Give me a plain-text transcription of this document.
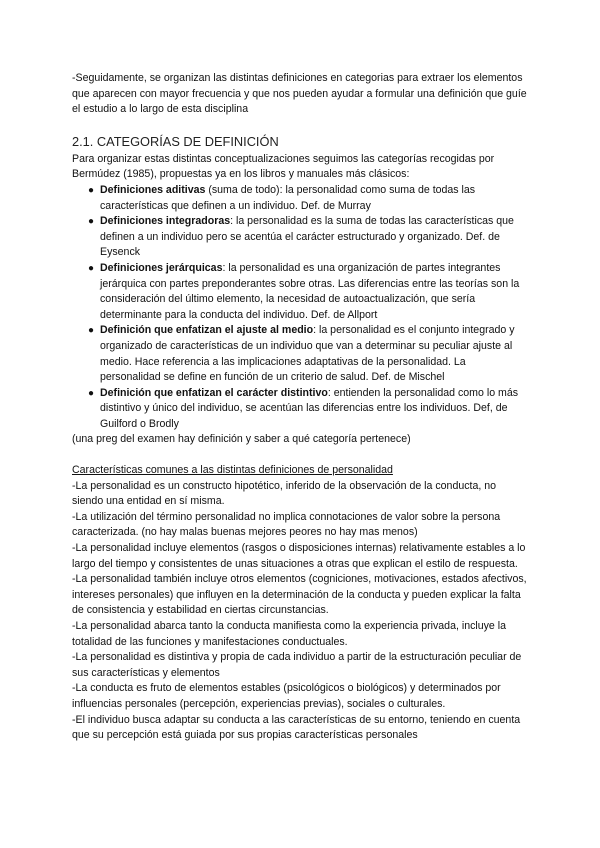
-Seguidamente, se organizan las distintas definiciones en categorias para extraer los elementos que aparecen con mayor frecuencia y que nos pueden ayudar a formular una definición que guíe el estudio a lo largo de esta disciplina

2.1. CATEGORÍAS DE DEFINICIÓN

Para organizar estas distintas conceptualizaciones seguimos las categorías recogidas por Bermúdez (1985), propuestas ya en los libros y manuales más clásicos:

● Definiciones aditivas (suma de todo): la personalidad como suma de todas las características que definen a un individuo. Def. de Murray
● Definiciones integradoras: la personalidad es la suma de todas las características que definen a un individuo pero se acentúa el carácter estructurado y organizado. Def. de Eysenck
● Definiciones jerárquicas: la personalidad es una organización de partes integrantes jerárquica con partes preponderantes sobre otras. Las diferencias entre las teorías son la consideración del último elemento, la necesidad de autoactualización, que sería determinante para la conducta del individuo. Def. de Allport
● Definición que enfatizan el ajuste al medio: la personalidad es el conjunto integrado y organizado de características de un individuo que van a determinar su peculiar ajuste al medio. Hace referencia a las implicaciones adaptativas de la personalidad. La personalidad se define en función de un criterio de salud. Def. de Mischel
● Definición que enfatizan el carácter distintivo: entienden la personalidad como lo más distintivo y único del individuo, se acentúan las diferencias entre los individuos. Def, de Guilford o Brodly

(una preg del examen hay definición y saber a qué categoría pertenece)

Características comunes a las distintas definiciones de personalidad

-La personalidad es un constructo hipotético, inferido de la observación de la conducta, no siendo una entidad en sí misma.

-La utilización del término personalidad no implica connotaciones de valor sobre la persona caracterizada. (no hay malas buenas mejores peores no hay mas menos)

-La personalidad incluye elementos (rasgos o disposiciones internas) relativamente estables a lo largo del tiempo y consistentes de unas situaciones a otras que explican el estilo de respuesta.

-La personalidad también incluye otros elementos (cogniciones, motivaciones, estados afectivos, intereses personales) que influyen en la determinación de la conducta y pueden explicar la falta de consistencia y estabilidad en ciertas circunstancias.

-La personalidad abarca tanto la conducta manifiesta como la experiencia privada, incluye la totalidad de las funciones y manifestaciones conductuales.

-La personalidad es distintiva y propia de cada individuo a partir de la estructuración peculiar de sus características y elementos

-La conducta es fruto de elementos estables (psicológicos o biológicos) y determinados por influencias personales (percepción, experiencias previas), sociales o culturales.

-El individuo busca adaptar su conducta a las características de su entorno, teniendo en cuenta que su percepción está guiada por sus propias características personales
